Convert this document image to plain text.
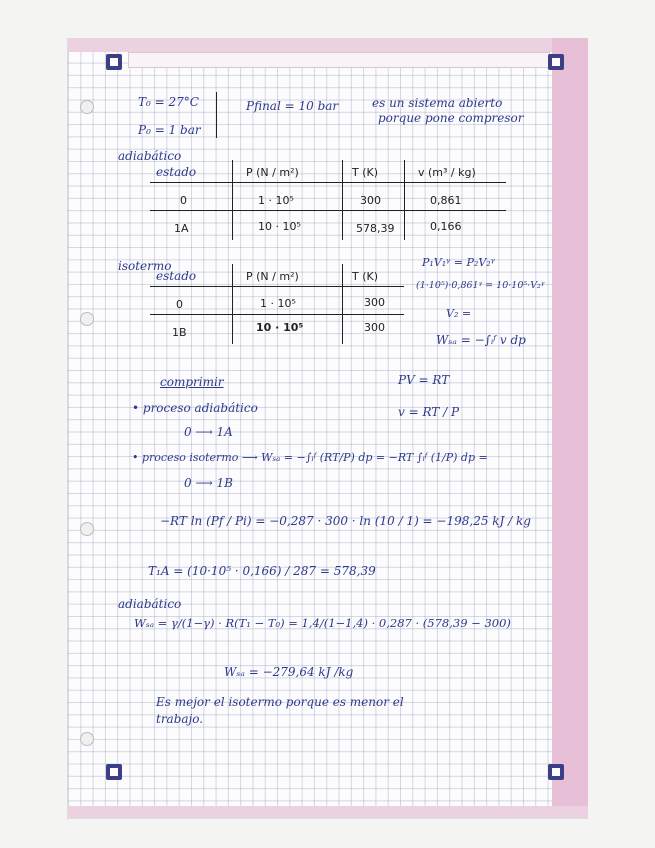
T₀ = 27°C
P₀ = 1 bar
Pfinal = 10 bar	es un sistema abierto
porque pone compresor
adiabático
estado	P (N / m²)	T (K)	v (m³ / kg)
0	1 · 10⁵	300	0,861
1A	10 · 10⁵	578,39	0,166
isotermo
estado	P (N / m²)	T (K)
0	1 · 10⁵	300
1B	10 · 10⁵	300
P₁V₁ᵞ = P₂V₂ᵞ
(1·10⁵)·0,861ᵞ = 10·10⁵·V₂ᵞ
V₂ =
Wₛₐ = −∫ᵢᶠ v dp
comprimir	PV = RT
v = RT / P
• proceso adiabático
0 ⟶ 1A
• proceso isotermo ⟶ Wₛₐ = −∫ᵢᶠ (RT/P) dp = −RT ∫ᵢᶠ (1/P) dp =
0 ⟶ 1B
−RT ln (Pf / Pi) = −0,287 · 300 · ln (10 / 1) = −198,25 kJ / kg
T₁A = (10·10⁵ · 0,166) / 287 = 578,39
adiabático
Wₛₐ = γ/(1−γ) · R(T₁ − T₀) = 1,4/(1−1,4) · 0,287 · (578,39 − 300)
Wₛₐ = −279,64 kJ /kg
Es mejor el isotermo porque es menor el
trabajo.
